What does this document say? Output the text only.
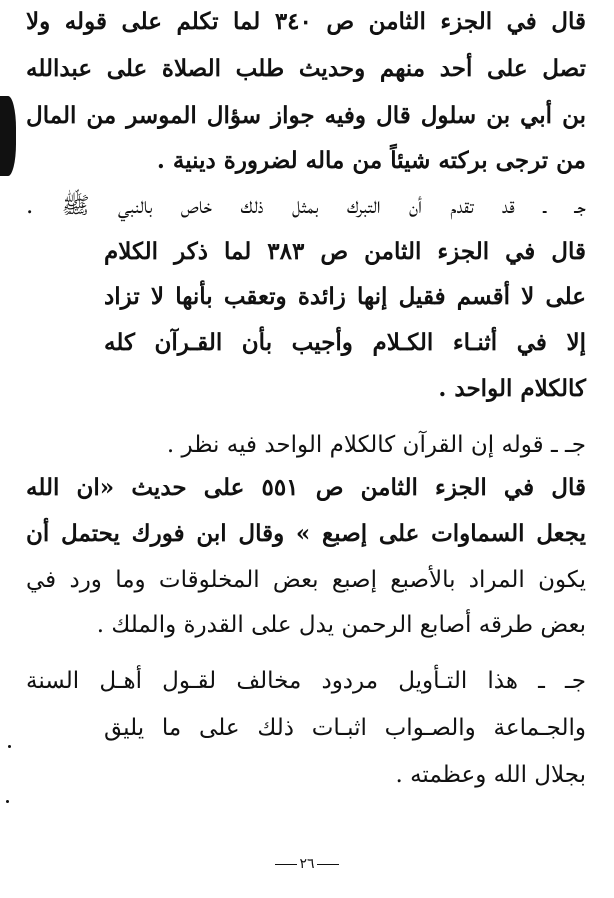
قال في الجزء الثامن ص ٣٤٠ لما تكلم على قوله ولا
تصل على أحد منهم وحديث طلب الصلاة على عبدالله
بن أبي بن سلول قال وفيه جواز سؤال الموسر من المال
من ترجى بركته شيئاً من ماله لضرورة دينية .
جـ ـ قد تقدم أن التبرك بمثل ذلك خاص بالنبي ﷺ .
قال في الجزء الثامن ص ٣٨٣ لما ذكر الكلام
على لا أقسم فقيل إنها زائدة وتعقب بأنها لا تزاد
إلا في أثنـاء الكـلام وأجيب بأن القـرآن كله
كالكلام الواحد .
جـ ـ قوله إن القرآن كالكلام الواحد فيه نظر .
قال في الجزء الثامن ص ٥٥١ على حديث «ان الله
يجعل السماوات على إصبع » وقال ابن فورك يحتمل أن
يكون المراد بالأصبع إصبع بعض المخلوقات وما ورد في
بعض طرقه أصابع الرحمن يدل على القدرة والملك .
جـ ـ هذا التـأويل مردود مخالف لقـول أهـل السنة
والجـماعة والصـواب اثبـات ذلك على ما يليق
بجلال الله وعظمته .
٢٦
